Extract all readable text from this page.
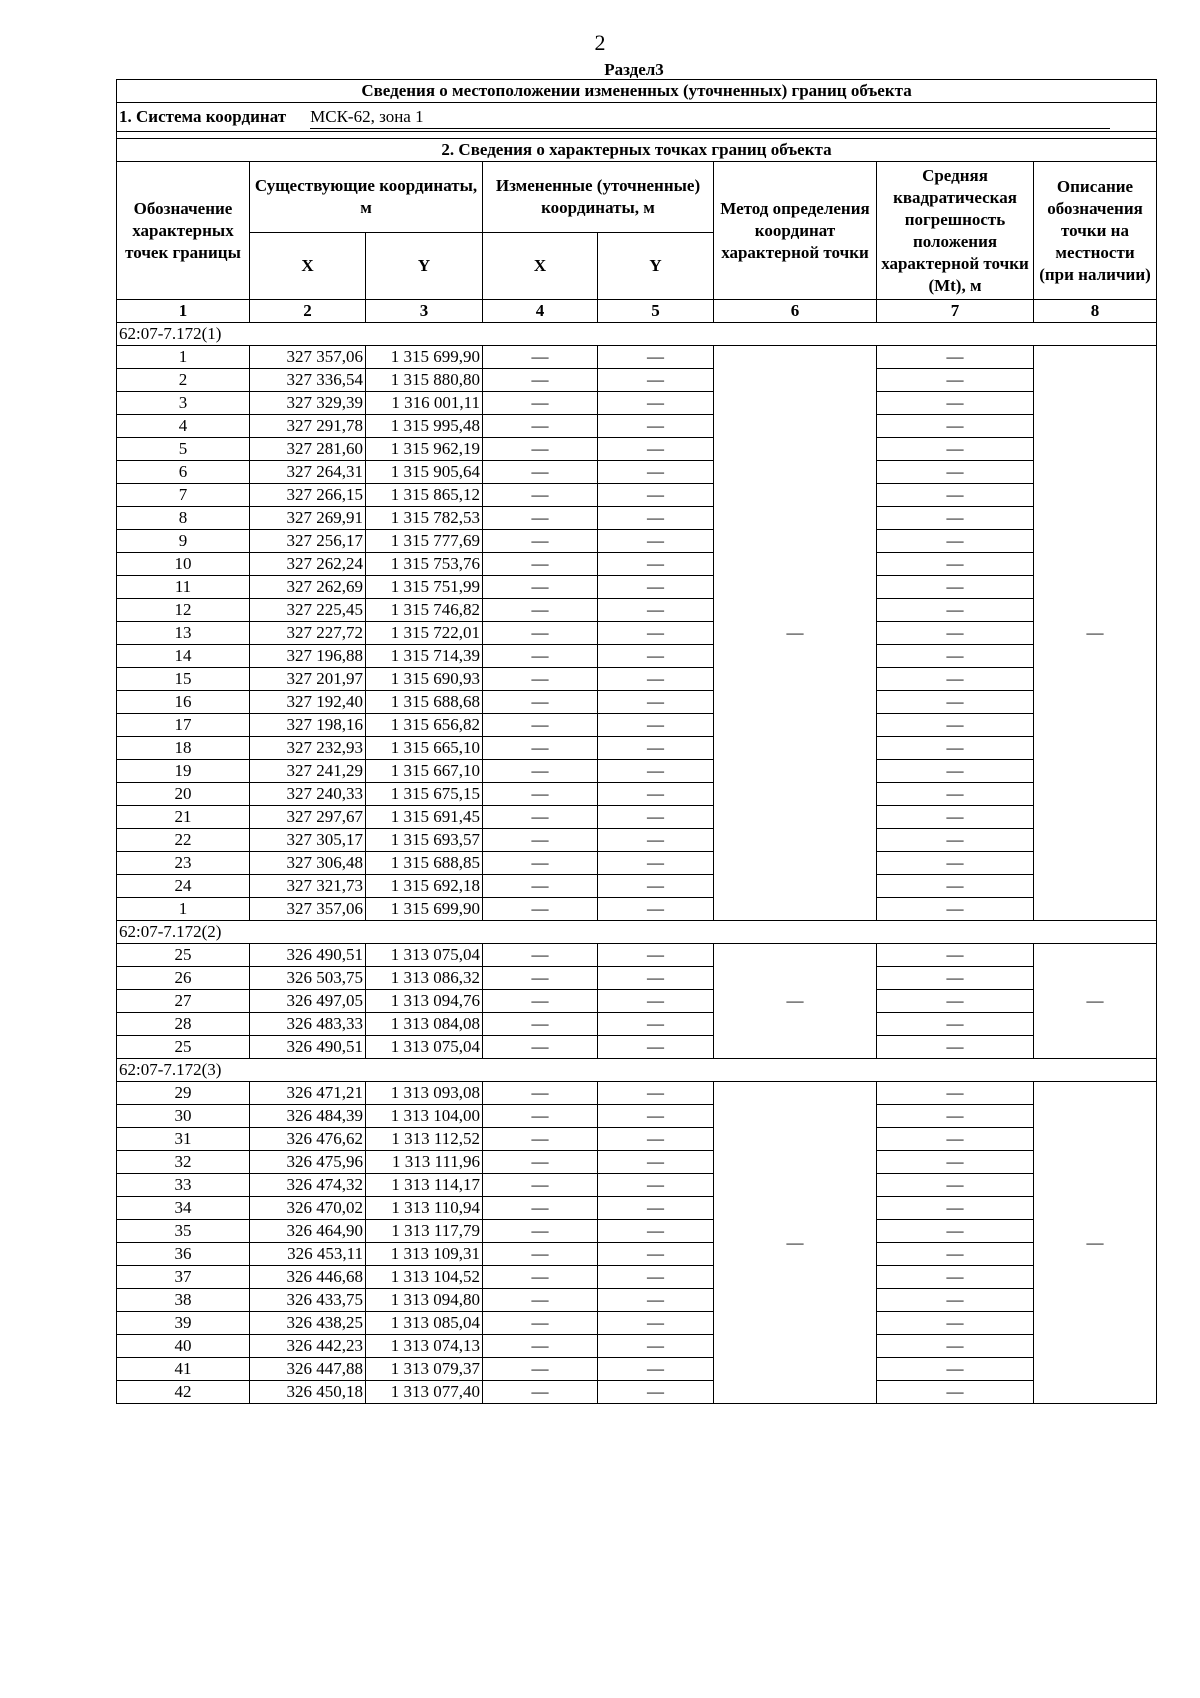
2
Раздел3
Сведения о местоположении измененных (уточненных) границ объекта							
1. Система координат МСК-62, зона 1							

2. Сведения о характерных точках границ объекта							
Обозначение характерных точек границы	Существующие координаты, м		Измененные (уточненные) координаты, м		Метод определения координат характерной точки	Средняя квадратическая погрешность положения характерной точки (Mt), м	Описание обозначения точки на местности (при наличии)
	X	Y	X	Y			
1	2	3	4	5	6	7	8
62:07-7.172(1)							
1	327 357,06	1 315 699,90	—	—	—	—	—
2	327 336,54	1 315 880,80	—	—		—	
3	327 329,39	1 316 001,11	—	—		—	
4	327 291,78	1 315 995,48	—	—		—	
5	327 281,60	1 315 962,19	—	—		—	
6	327 264,31	1 315 905,64	—	—		—	
7	327 266,15	1 315 865,12	—	—		—	
8	327 269,91	1 315 782,53	—	—		—	
9	327 256,17	1 315 777,69	—	—		—	
10	327 262,24	1 315 753,76	—	—		—	
11	327 262,69	1 315 751,99	—	—		—	
12	327 225,45	1 315 746,82	—	—		—	
13	327 227,72	1 315 722,01	—	—		—	
14	327 196,88	1 315 714,39	—	—		—	
15	327 201,97	1 315 690,93	—	—		—	
16	327 192,40	1 315 688,68	—	—		—	
17	327 198,16	1 315 656,82	—	—		—	
18	327 232,93	1 315 665,10	—	—		—	
19	327 241,29	1 315 667,10	—	—		—	
20	327 240,33	1 315 675,15	—	—		—	
21	327 297,67	1 315 691,45	—	—		—	
22	327 305,17	1 315 693,57	—	—		—	
23	327 306,48	1 315 688,85	—	—		—	
24	327 321,73	1 315 692,18	—	—		—	
1	327 357,06	1 315 699,90	—	—		—	
62:07-7.172(2)							
25	326 490,51	1 313 075,04	—	—	—	—	—
26	326 503,75	1 313 086,32	—	—		—	
27	326 497,05	1 313 094,76	—	—		—	
28	326 483,33	1 313 084,08	—	—		—	
25	326 490,51	1 313 075,04	—	—		—	
62:07-7.172(3)							
29	326 471,21	1 313 093,08	—	—	—	—	—
30	326 484,39	1 313 104,00	—	—		—	
31	326 476,62	1 313 112,52	—	—		—	
32	326 475,96	1 313 111,96	—	—		—	
33	326 474,32	1 313 114,17	—	—		—	
34	326 470,02	1 313 110,94	—	—		—	
35	326 464,90	1 313 117,79	—	—		—	
36	326 453,11	1 313 109,31	—	—		—	
37	326 446,68	1 313 104,52	—	—		—	
38	326 433,75	1 313 094,80	—	—		—	
39	326 438,25	1 313 085,04	—	—		—	
40	326 442,23	1 313 074,13	—	—		—	
41	326 447,88	1 313 079,37	—	—		—	
42	326 450,18	1 313 077,40	—	—		—	
